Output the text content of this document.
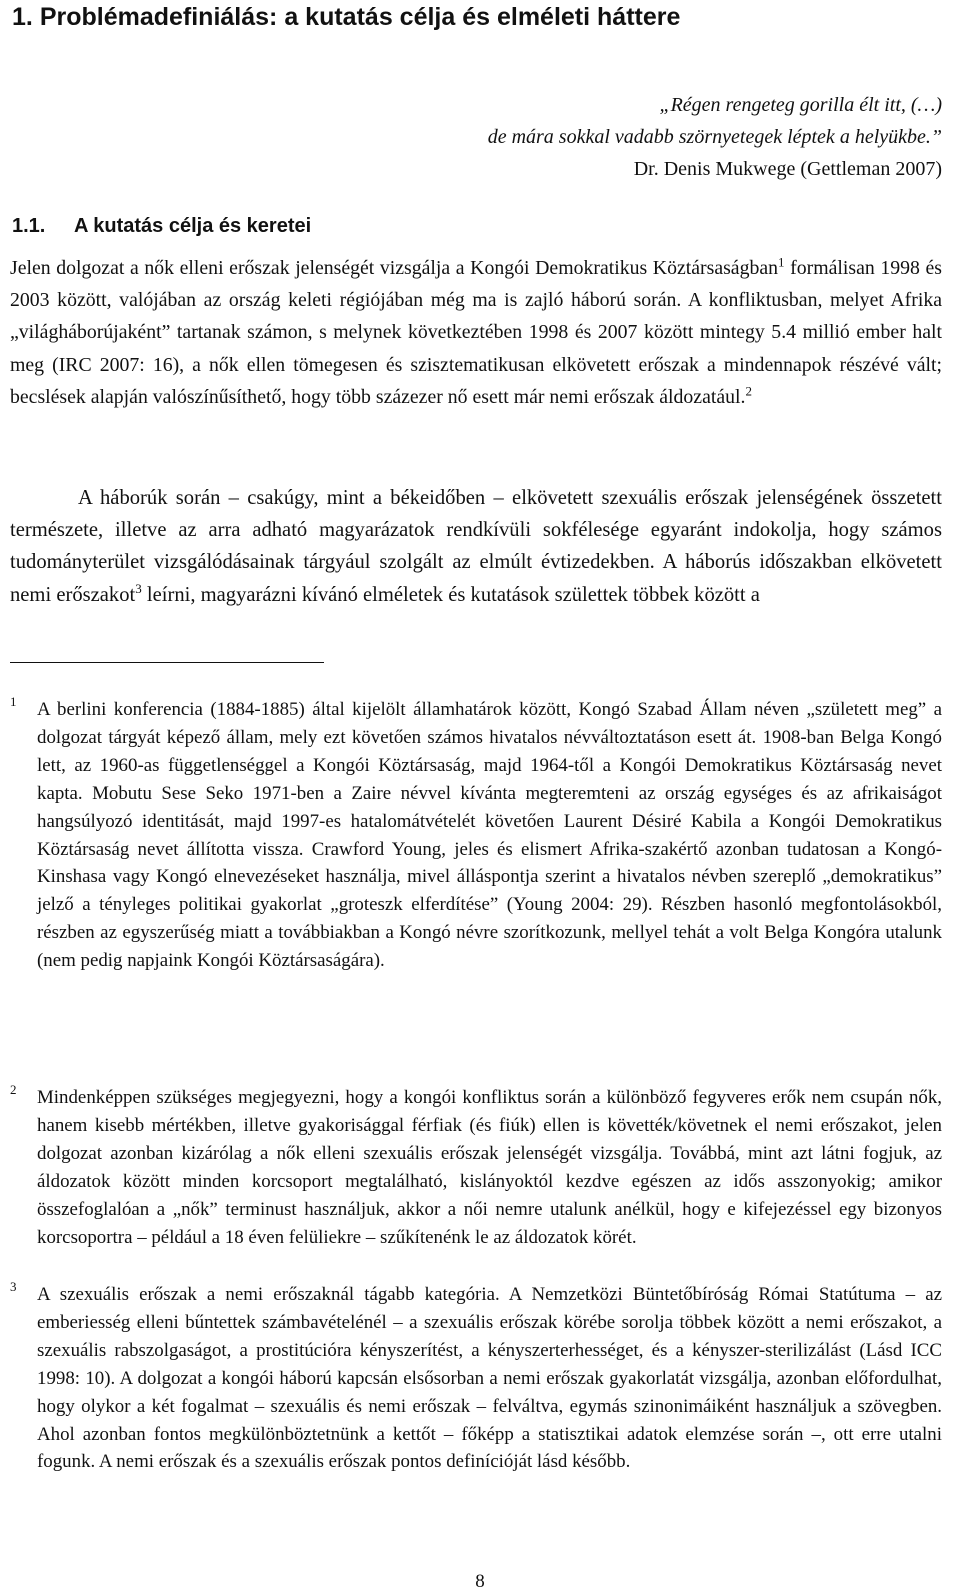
1. Problémadefiniálás: a kutatás célja és elméleti háttere
„Régen rengeteg gorilla élt itt, (…)
de mára sokkal vadabb szörnyetegek léptek a helyükbe.”
Dr. Denis Mukwege (Gettleman 2007)
1.1. A kutatás célja és keretei

Jelen dolgozat a nők elleni erőszak jelenségét vizsgálja a Kongói Demokratikus Köztársaságban$^1$ formálisan 1998 és 2003 között, valójában az ország keleti régiójában még ma is zajló háború során. A konfliktusban, melyet Afrika „világháborújaként” tartanak számon, s melynek következtében 1998 és 2007 között mintegy 5.4 millió ember halt meg (IRC 2007: 16), a nők ellen tömegesen és szisztematikusan elkövetett erőszak a mindennapok részévé vált; becslések alapján valószínűsíthető, hogy több százezer nő esett már nemi erőszak áldozatául.$^2$

A háborúk során – csakúgy, mint a békeidőben – elkövetett szexuális erőszak jelenségének összetett természete, illetve az arra adható magyarázatok rendkívüli sokfélesége egyaránt indokolja, hogy számos tudományterület vizsgálódásainak tárgyául szolgált az elmúlt évtizedekben. A háborús időszakban elkövetett nemi erőszakot$^3$ leírni, magyarázni kívánó elméletek és kutatások születtek többek között a

1 A berlini konferencia (1884-1885) által kijelölt államhatárok között, Kongó Szabad Állam néven „született meg” a dolgozat tárgyát képező állam, mely ezt követően számos hivatalos névváltoztatáson esett át. 1908-ban Belga Kongó lett, az 1960-as függetlenséggel a Kongói Köztársaság, majd 1964-től a Kongói Demokratikus Köztársaság nevet kapta. Mobutu Sese Seko 1971-ben a Zaire névvel kívánta megteremteni az ország egységes és az afrikaiságot hangsúlyozó identitását, majd 1997-es hatalomátvételét követően Laurent Désiré Kabila a Kongói Demokratikus Köztársaság nevet állította vissza. Crawford Young, jeles és elismert Afrika-szakértő azonban tudatosan a Kongó-Kinshasa vagy Kongó elnevezéseket használja, mivel álláspontja szerint a hivatalos névben szereplő „demokratikus” jelző a tényleges politikai gyakorlat „groteszk elferdítése” (Young 2004: 29). Részben hasonló megfontolásokból, részben az egyszerűség miatt a továbbiakban a Kongó névre szorítkozunk, mellyel tehát a volt Belga Kongóra utalunk (nem pedig napjaink Kongói Köztársaságára).

2 Mindenképpen szükséges megjegyezni, hogy a kongói konfliktus során a különböző fegyveres erők nem csupán nők, hanem kisebb mértékben, illetve gyakorisággal férfiak (és fiúk) ellen is követték/követnek el nemi erőszakot, jelen dolgozat azonban kizárólag a nők elleni szexuális erőszak jelenségét vizsgálja. Továbbá, mint azt látni fogjuk, az áldozatok között minden korcsoport megtalálható, kislányoktól kezdve egészen az idős asszonyokig; amikor összefoglalóan a „nők” terminust használjuk, akkor a női nemre utalunk anélkül, hogy e kifejezéssel egy bizonyos korcsoportra – például a 18 éven felüliekre – szűkítenénk le az áldozatok körét.

3 A szexuális erőszak a nemi erőszaknál tágabb kategória. A Nemzetközi Büntetőbíróság Római Statútuma – az emberiesség elleni bűntettek számbavételénél – a szexuális erőszak körébe sorolja többek között a nemi erőszakot, a szexuális rabszolgaságot, a prostitúcióra kényszerítést, a kényszerterhességet, és a kényszer-sterilizálást (Lásd ICC 1998: 10). A dolgozat a kongói háború kapcsán elsősorban a nemi erőszak gyakorlatát vizsgálja, azonban előfordulhat, hogy olykor a két fogalmat – szexuális és nemi erőszak – felváltva, egymás szinonimáiként használjuk a szövegben. Ahol azonban fontos megkülönböztetnünk a kettőt – főképp a statisztikai adatok elemzése során –, ott erre utalni fogunk. A nemi erőszak és a szexuális erőszak pontos definícióját lásd később.

8
